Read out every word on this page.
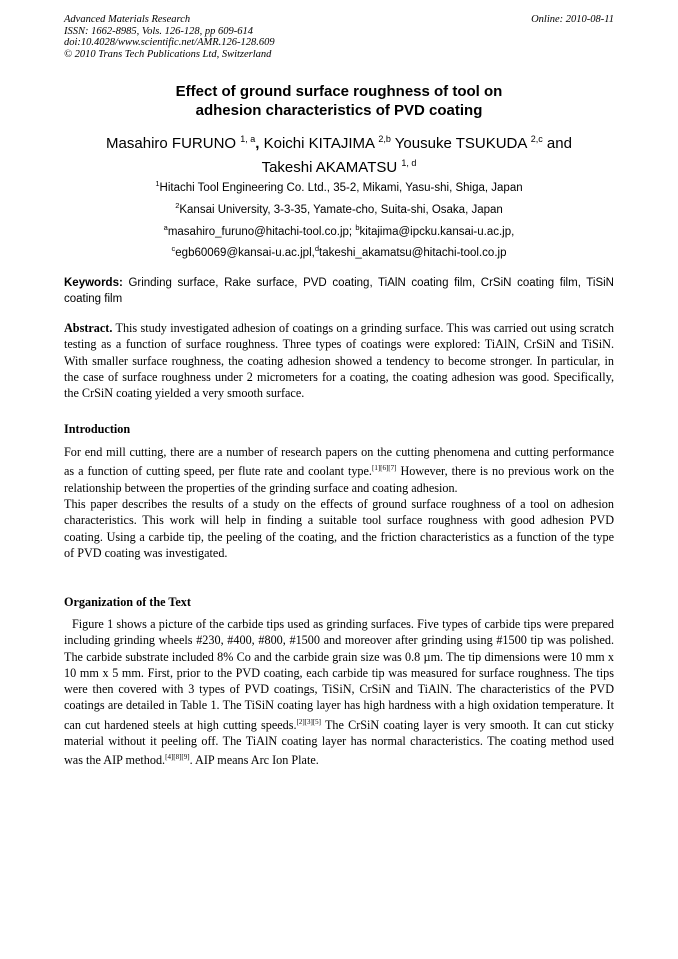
Advanced Materials Research
ISSN: 1662-8985, Vols. 126-128, pp 609-614
doi:10.4028/www.scientific.net/AMR.126-128.609
© 2010 Trans Tech Publications Ltd, Switzerland
Online: 2010-08-11
Effect of ground surface roughness of tool on
adhesion characteristics of PVD coating
Masahiro FURUNO $^{1, a}$, Koichi KITAJIMA $^{2,b}$ Yousuke TSUKUDA $^{2,c}$ and
Takeshi AKAMATSU $^{1, d}$
$^1$Hitachi Tool Engineering Co. Ltd., 35-2, Mikami, Yasu-shi, Shiga, Japan
$^2$Kansai University, 3-3-35, Yamate-cho, Suita-shi, Osaka, Japan
$^a$masahiro_furuno@hitachi-tool.co.jp; $^b$kitajima@ipcku.kansai-u.ac.jp,
$^c$egb60069@kansai-u.ac.jpl,$^d$takeshi_akamatsu@hitachi-tool.co.jp
Keywords: Grinding surface, Rake surface, PVD coating, TiAlN coating film, CrSiN coating film, TiSiN coating film

Abstract. This study investigated adhesion of coatings on a grinding surface. This was carried out using scratch testing as a function of surface roughness. Three types of coatings were explored: TiAlN, CrSiN and TiSiN. With smaller surface roughness, the coating adhesion showed a tendency to become stronger. In particular, in the case of surface roughness under 2 micrometers for a coating, the coating adhesion was good. Specifically, the CrSiN coating yielded a very smooth surface.

Introduction

For end mill cutting, there are a number of research papers on the cutting phenomena and cutting performance as a function of cutting speed, per flute rate and coolant type.[1][6][7] However, there is no previous work on the relationship between the properties of the grinding surface and coating adhesion.

This paper describes the results of a study on the effects of ground surface roughness of a tool on adhesion characteristics. This work will help in finding a suitable tool surface roughness with good adhesion PVD coating. Using a carbide tip, the peeling of the coating, and the friction characteristics as a function of the type of PVD coating was investigated.

Organization of the Text

Figure 1 shows a picture of the carbide tips used as grinding surfaces. Five types of carbide tips were prepared including grinding wheels #230, #400, #800, #1500 and moreover after grinding using #1500 tip was polished. The carbide substrate included 8% Co and the carbide grain size was 0.8 µm. The tip dimensions were 10 mm x 10 mm x 5 mm. First, prior to the PVD coating, each carbide tip was measured for surface roughness. The tips were then covered with 3 types of PVD coatings, TiSiN, CrSiN and TiAlN. The characteristics of the PVD coatings are detailed in Table 1. The TiSiN coating layer has high hardness with a high oxidation temperature. It can cut hardened steels at high cutting speeds.[2][3][5] The CrSiN coating layer is very smooth. It can cut sticky material without it peeling off. The TiAlN coating layer has normal characteristics. The coating method used was the AIP method.[4][8][9]. AIP means Arc Ion Plate.
